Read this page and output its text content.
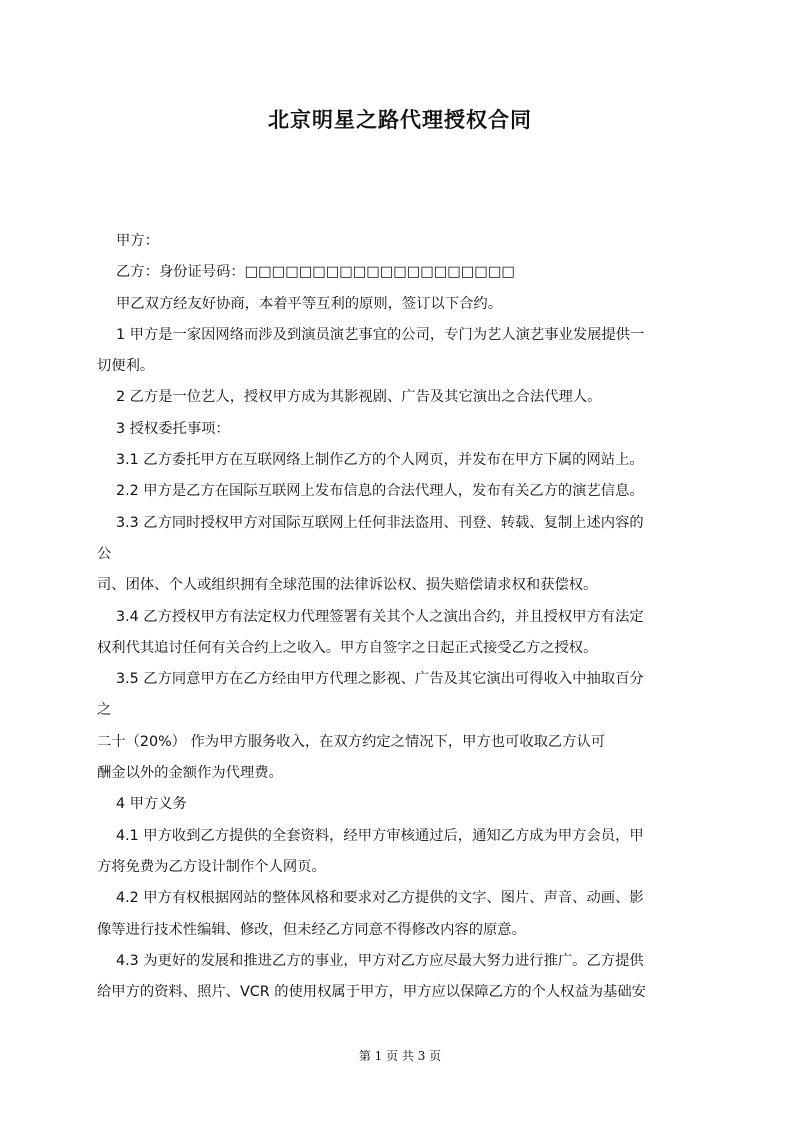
北京明星之路代理授权合同

甲方：

乙方：身份证号码：□□□□□□□□□□□□□□□□□□□□

甲乙双方经友好协商，本着平等互利的原则，签订以下合约。

1 甲方是一家因网络而涉及到演员演艺事宜的公司，专门为艺人演艺事业发展提供一

切便利。

2 乙方是一位艺人，授权甲方成为其影视剧、广告及其它演出之合法代理人。

3 授权委托事项：

3.1 乙方委托甲方在互联网络上制作乙方的个人网页，并发布在甲方下属的网站上。

2.2 甲方是乙方在国际互联网上发布信息的合法代理人，发布有关乙方的演艺信息。

3.3 乙方同时授权甲方对国际互联网上任何非法盗用、刊登、转载、复制上述内容的

公

司、团体、个人或组织拥有全球范围的法律诉讼权、损失赔偿请求权和获偿权。

3.4 乙方授权甲方有法定权力代理签署有关其个人之演出合约，并且授权甲方有法定

权利代其追讨任何有关合约上之收入。甲方自签字之日起正式接受乙方之授权。

3.5 乙方同意甲方在乙方经由甲方代理之影视、广告及其它演出可得收入中抽取百分

之

二十（20%） 作为甲方服务收入，在双方约定之情况下，甲方也可收取乙方认可

酬金以外的金额作为代理费。

4 甲方义务

4.1 甲方收到乙方提供的全套资料，经甲方审核通过后，通知乙方成为甲方会员，甲

方将免费为乙方设计制作个人网页。

4.2 甲方有权根据网站的整体风格和要求对乙方提供的文字、图片、声音、动画、影

像等进行技术性编辑、修改，但未经乙方同意不得修改内容的原意。

4.3 为更好的发展和推进乙方的事业，甲方对乙方应尽最大努力进行推广。乙方提供

给甲方的资料、照片、VCR 的使用权属于甲方，甲方应以保障乙方的个人权益为基础安

第 1 页 共 3 页
